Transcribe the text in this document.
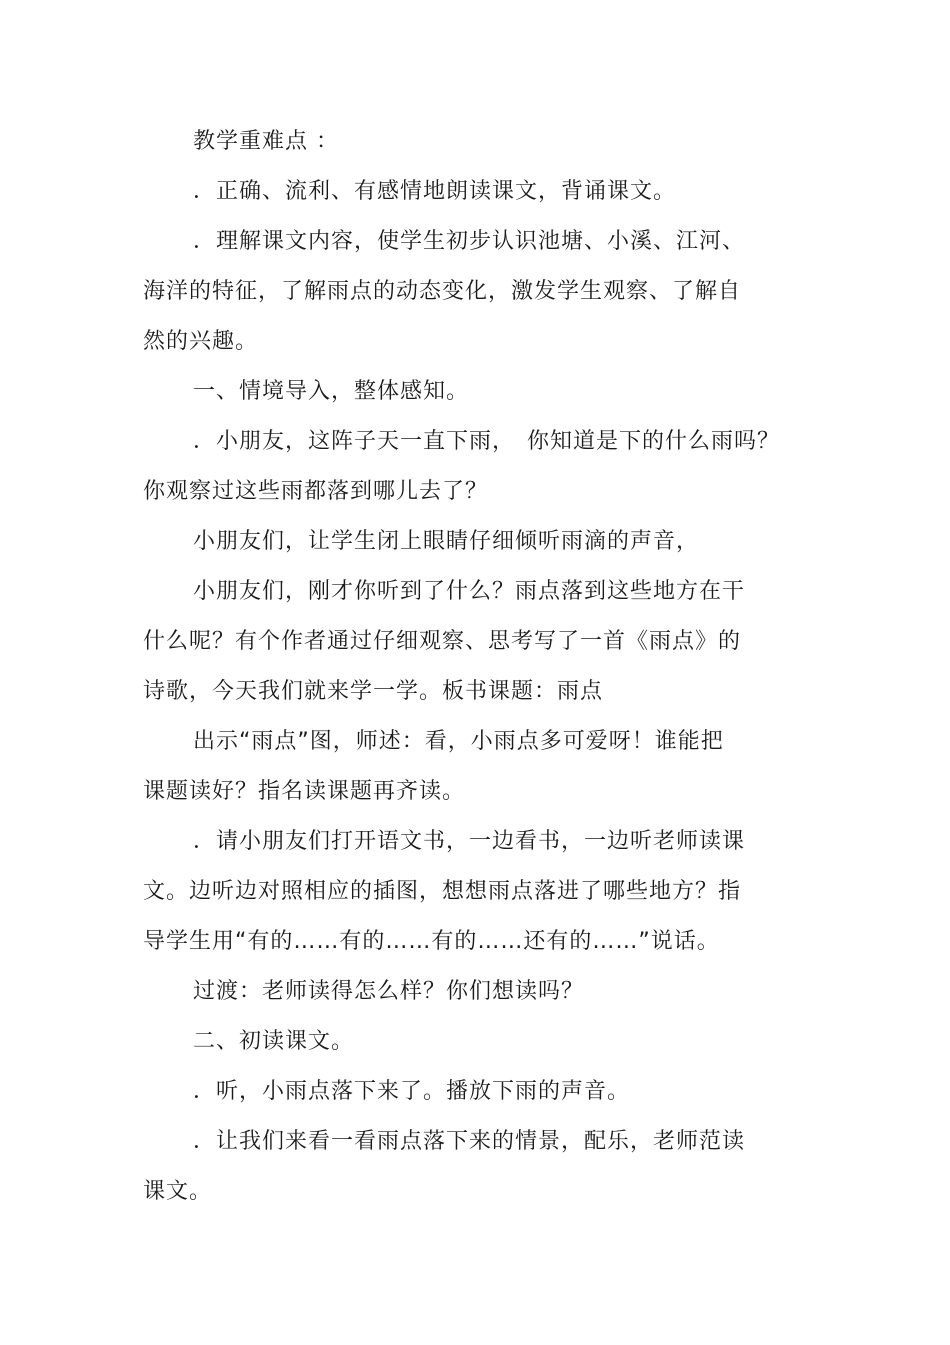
教学重难点 ：
．正确、流利、有感情地朗读课文，背诵课文。
．理解课文内容，使学生初步认识池塘、小溪、江河、
海洋的特征，了解雨点的动态变化，激发学生观察、了解自
然的兴趣。
一、情境导入，整体感知。
．小朋友，这阵子天一直下雨，　你知道是下的什么雨吗？
你观察过这些雨都落到哪儿去了？
小朋友们，让学生闭上眼睛仔细倾听雨滴的声音，
小朋友们，刚才你听到了什么？雨点落到这些地方在干
什么呢？有个作者通过仔细观察、思考写了一首《雨点》的
诗歌，今天我们就来学一学。板书课题：雨点
出示“雨点”图，师述：看，小雨点多可爱呀！谁能把
课题读好？指名读课题再齐读。
．请小朋友们打开语文书，一边看书，一边听老师读课
文。边听边对照相应的插图，想想雨点落进了哪些地方？指
导学生用“有的……有的……有的……还有的……”说话。
过渡：老师读得怎么样？你们想读吗？
二、初读课文。
．听，小雨点落下来了。播放下雨的声音。
．让我们来看一看雨点落下来的情景，配乐，老师范读
课文。
